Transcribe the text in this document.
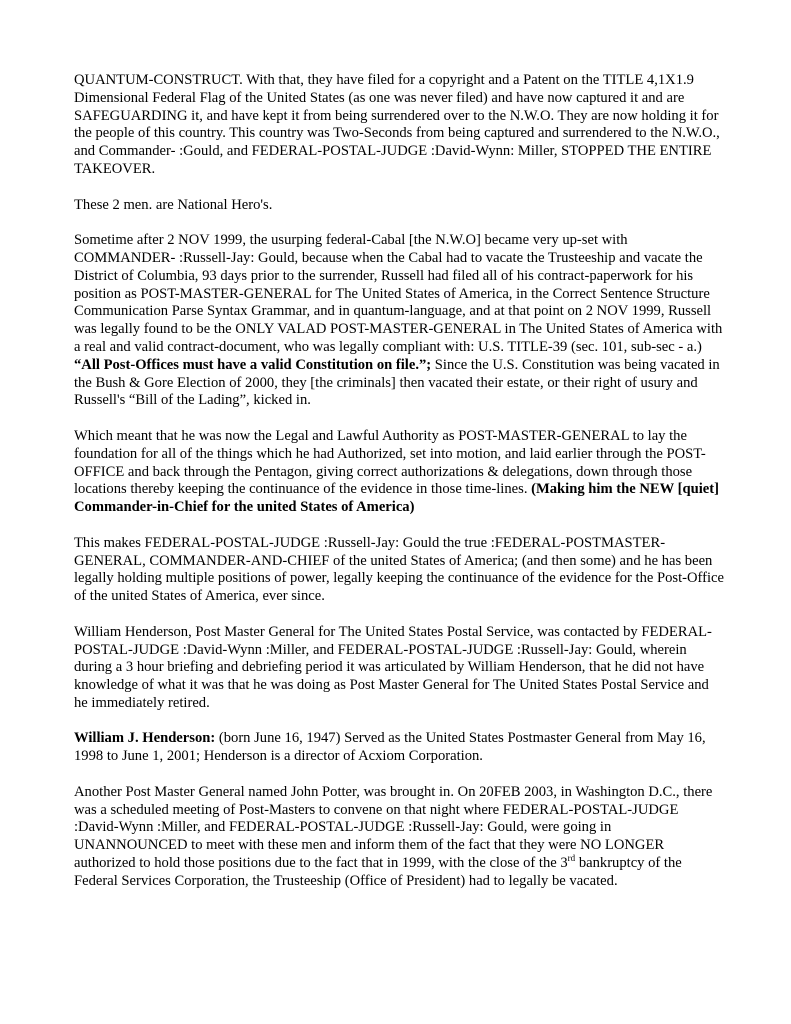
QUANTUM-CONSTRUCT. With that, they have filed for a copyright and a Patent on the TITLE 4,1X1.9 Dimensional Federal Flag of the United States (as one was never filed) and have now captured it and are SAFEGUARDING it, and have kept it from being surrendered over to the N.W.O. They are now holding it for the people of this country. This country was Two-Seconds from being captured and surrendered to the N.W.O., and Commander- :Gould, and FEDERAL-POSTAL-JUDGE :David-Wynn: Miller, STOPPED THE ENTIRE TAKEOVER.

These 2 men. are National Hero's.

Sometime after 2 NOV 1999, the usurping federal-Cabal [the N.W.O] became very up-set with COMMANDER- :Russell-Jay: Gould, because when the Cabal had to vacate the Trusteeship and vacate the District of Columbia, 93 days prior to the surrender, Russell had filed all of his contract-paperwork for his position as POST-MASTER-GENERAL for The United States of America, in the Correct Sentence Structure Communication Parse Syntax Grammar, and in quantum-language, and at that point on 2 NOV 1999, Russell was legally found to be the ONLY VALAD POST-MASTER-GENERAL in The United States of America with a real and valid contract-document, who was legally compliant with: U.S. TITLE-39 (sec. 101, sub-sec - a.) “All Post-Offices must have a valid Constitution on file.”; Since the U.S. Constitution was being vacated in the Bush & Gore Election of 2000, they [the criminals] then vacated their estate, or their right of usury and Russell's “Bill of the Lading”, kicked in.

Which meant that he was now the Legal and Lawful Authority as POST-MASTER-GENERAL to lay the foundation for all of the things which he had Authorized, set into motion, and laid earlier through the POST-OFFICE and back through the Pentagon, giving correct authorizations & delegations, down through those locations thereby keeping the continuance of the evidence in those time-lines. (Making him the NEW [quiet] Commander-in-Chief for the united States of America)

This makes FEDERAL-POSTAL-JUDGE :Russell-Jay: Gould the true :FEDERAL-POSTMASTER-GENERAL, COMMANDER-AND-CHIEF of the united States of America; (and then some) and he has been legally holding multiple positions of power, legally keeping the continuance of the evidence for the Post-Office of the united States of America, ever since.

William Henderson, Post Master General for The United States Postal Service, was contacted by FEDERAL-POSTAL-JUDGE :David-Wynn :Miller, and FEDERAL-POSTAL-JUDGE :Russell-Jay: Gould, wherein during a 3 hour briefing and debriefing period it was articulated by William Henderson, that he did not have knowledge of what it was that he was doing as Post Master General for The United States Postal Service and he immediately retired.

William J. Henderson: (born June 16, 1947) Served as the United States Postmaster General from May 16, 1998 to June 1, 2001; Henderson is a director of Acxiom Corporation.

Another Post Master General named John Potter, was brought in. On 20FEB 2003, in Washington D.C., there was a scheduled meeting of Post-Masters to convene on that night where FEDERAL-POSTAL-JUDGE :David-Wynn :Miller, and FEDERAL-POSTAL-JUDGE :Russell-Jay: Gould, were going in UNANNOUNCED to meet with these men and inform them of the fact that they were NO LONGER authorized to hold those positions due to the fact that in 1999, with the close of the 3rd bankruptcy of the Federal Services Corporation, the Trusteeship (Office of President) had to legally be vacated.
